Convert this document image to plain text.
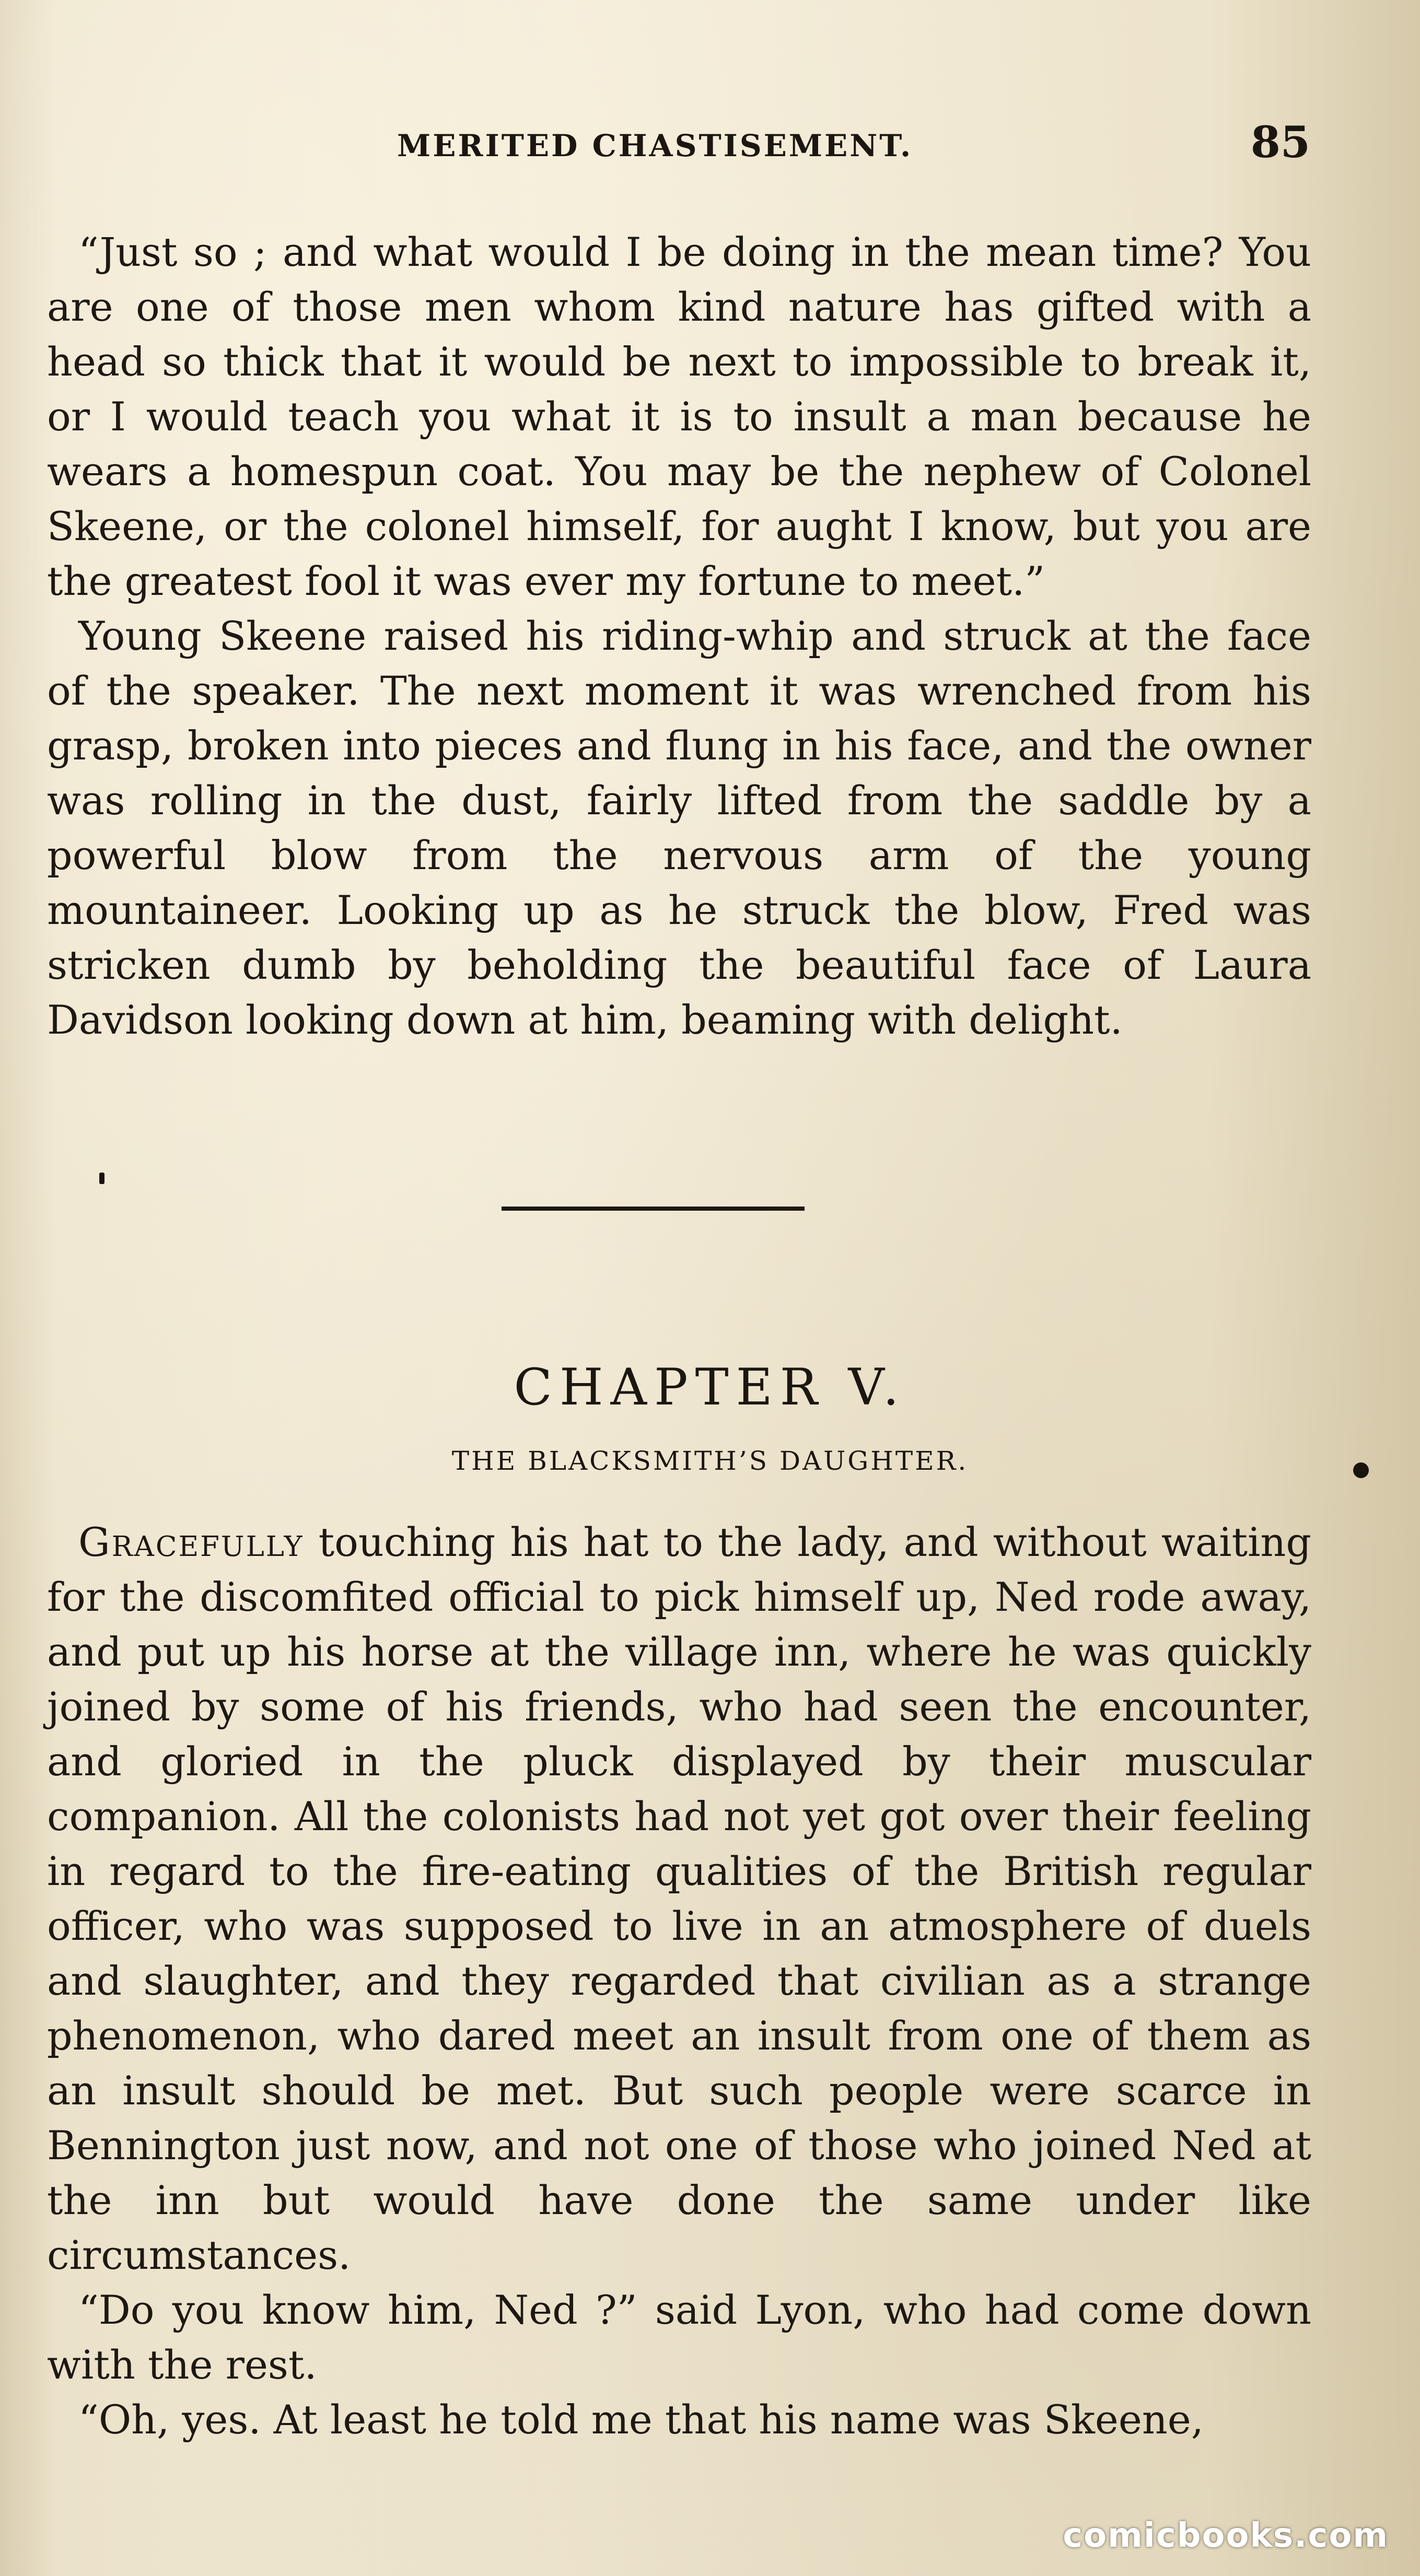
MERITED CHASTISEMENT.	85

“Just so ; and what would I be doing in the mean time? You are one of those men whom kind nature has gifted with a head so thick that it would be next to impossible to break it, or I would teach you what it is to insult a man because he wears a homespun coat. You may be the nephew of Colonel Skeene, or the colonel himself, for aught I know, but you are the greatest fool it was ever my fortune to meet.”

Young Skeene raised his riding-whip and struck at the face of the speaker. The next moment it was wrenched from his grasp, broken into pieces and flung in his face, and the owner was rolling in the dust, fairly lifted from the saddle by a powerful blow from the nervous arm of the young mountaineer. Looking up as he struck the blow, Fred was stricken dumb by beholding the beautiful face of Laura Davidson looking down at him, beaming with delight.

CHAPTER V.
THE BLACKSMITH’S DAUGHTER.

Gracefully touching his hat to the lady, and without waiting for the discomfited official to pick himself up, Ned rode away, and put up his horse at the village inn, where he was quickly joined by some of his friends, who had seen the encounter, and gloried in the pluck displayed by their muscular companion. All the colonists had not yet got over their feeling in regard to the fire-eating qualities of the British regular officer, who was supposed to live in an atmosphere of duels and slaughter, and they regarded that civilian as a strange phenomenon, who dared meet an insult from one of them as an insult should be met. But such people were scarce in Bennington just now, and not one of those who joined Ned at the inn but would have done the same under like circumstances.

“Do you know him, Ned ?” said Lyon, who had come down with the rest.

“Oh, yes. At least he told me that his name was Skeene,

comicbooks.com
